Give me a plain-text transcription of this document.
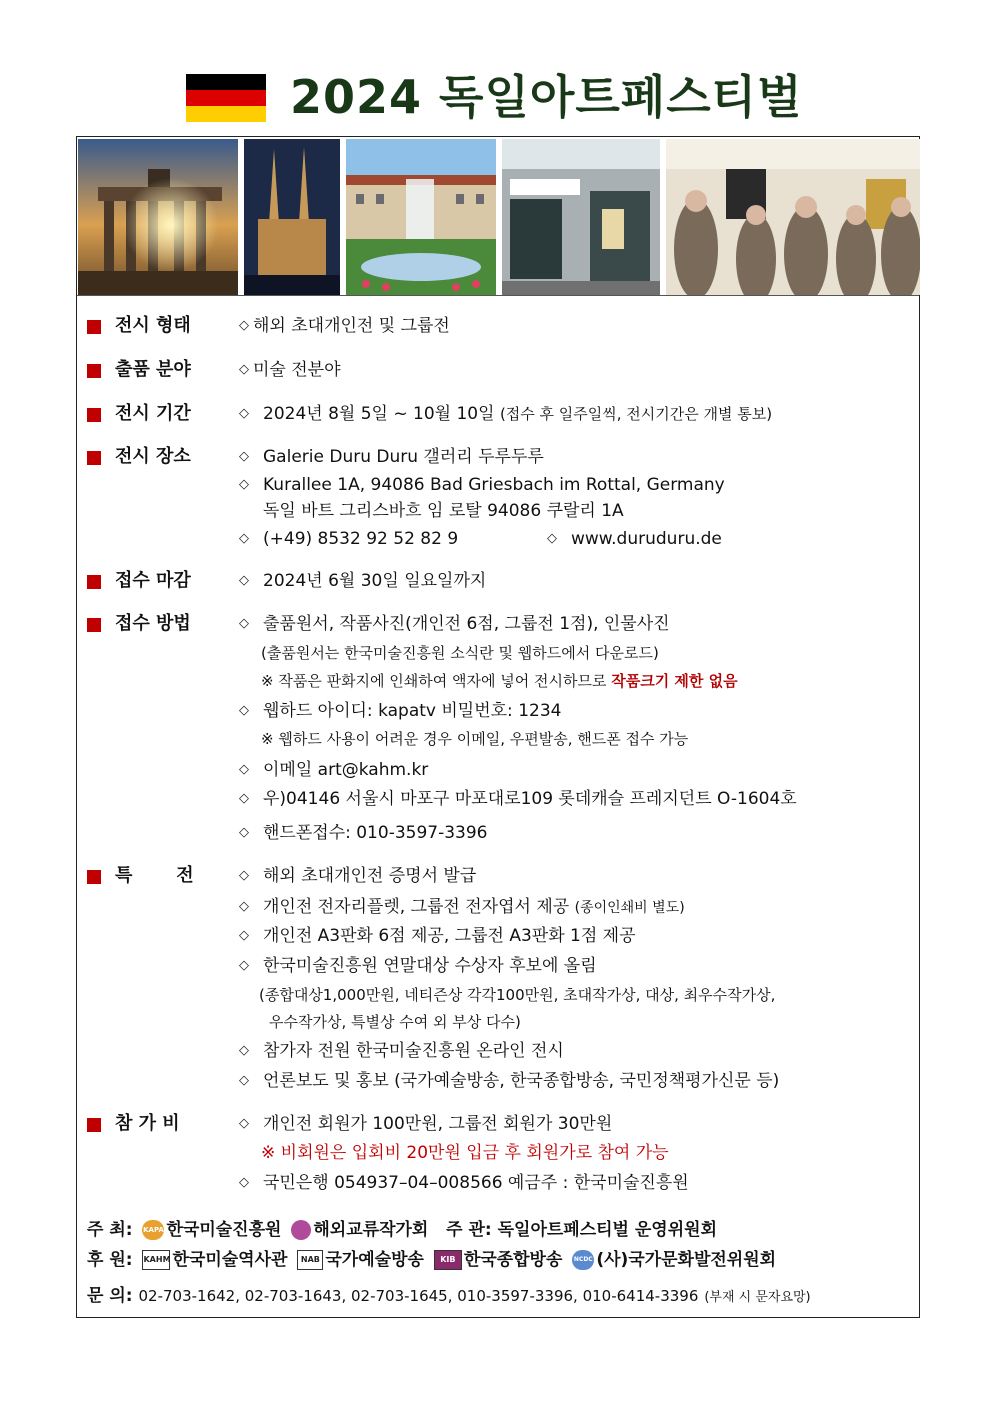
2024 독일아트페스티벌
전시 형태	◇ 해외 초대개인전 및 그룹전
출품 분야	◇ 미술 전분야
전시 기간	◇ 2024년 8월 5일 ~ 10월 10일 (접수 후 일주일씩, 전시기간은 개별 통보)
전시 장소	◇ Galerie Duru Duru 갤러리 두루두루
◇ Kurallee 1A, 94086 Bad Griesbach im Rottal, Germany
독일 바트 그리스바흐 임 로탈 94086 쿠랄리 1A
◇ (+49) 8532 92 52 82 9	◇ www.duruduru.de
접수 마감	◇ 2024년 6월 30일 일요일까지
접수 방법	◇ 출품원서, 작품사진(개인전 6점, 그룹전 1점), 인물사진
(출품원서는 한국미술진흥원 소식란 및 웹하드에서 다운로드)
※ 작품은 판화지에 인쇄하여 액자에 넣어 전시하므로 작품크기 제한 없음
◇ 웹하드 아이디: kapatv 비밀번호: 1234
※ 웹하드 사용이 어려운 경우 이메일, 우편발송, 핸드폰 접수 가능
◇ 이메일 art@kahm.kr
◇ 우)04146 서울시 마포구 마포대로109 롯데캐슬 프레지던트 O-1604호
◇ 핸드폰접수: 010-3597-3396
특       전	◇ 해외 초대개인전 증명서 발급
◇ 개인전 전자리플렛, 그룹전 전자엽서 제공 (종이인쇄비 별도)
◇ 개인전 A3판화 6점 제공, 그룹전 A3판화 1점 제공
◇ 한국미술진흥원 연말대상 수상자 후보에 올림
(종합대상1,000만원, 네티즌상 각각100만원, 초대작가상, 대상, 최우수작가상,
우수작가상, 특별상 수여 외 부상 다수)
◇ 참가자 전원 한국미술진흥원 온라인 전시
◇ 언론보도 및 홍보 (국가예술방송, 한국종합방송, 국민정책평가신문 등)
참 가 비	◇ 개인전 회원가 100만원, 그룹전 회원가 30만원
※ 비회원은 입회비 20만원 입금 후 회원가로 참여 가능
◇ 국민은행 054937–04–008566 예금주 : 한국미술진흥원
주 최: KAPA 한국미술진흥원 해외교류작가회 주 관: 독일아트페스티벌 운영위원회
후 원: KAHM 한국미술역사관 NAB 국가예술방송 KIB 한국종합방송 NCDC (사)국가문화발전위원회
문 의: 02-703-1642, 02-703-1643, 02-703-1645, 010-3597-3396, 010-6414-3396 (부재 시 문자요망)
